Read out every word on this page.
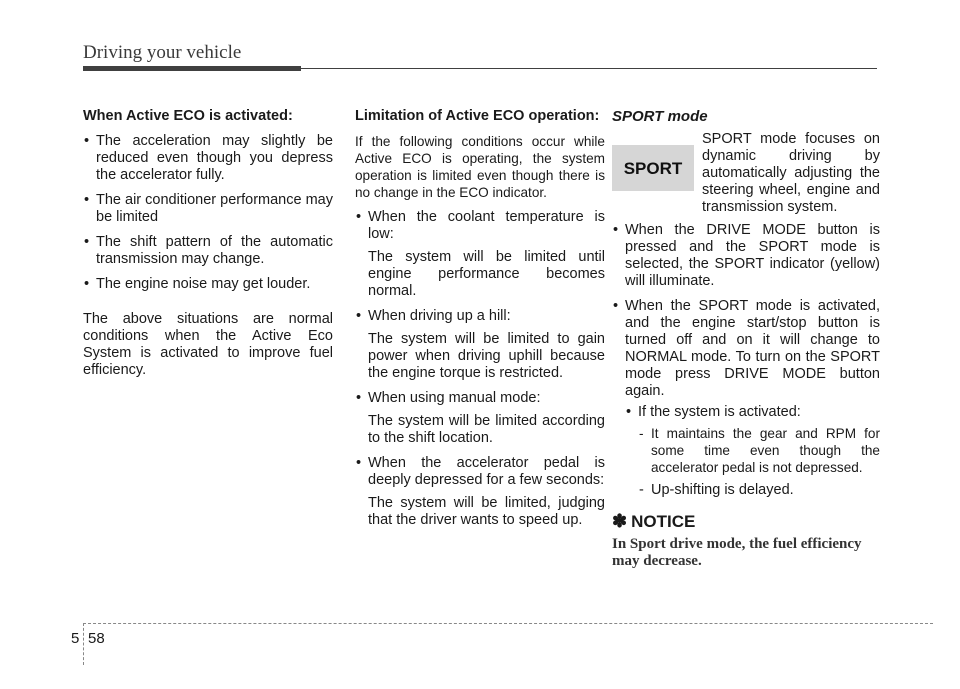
Driving your vehicle
When Active ECO is activated:
• The acceleration may slightly be reduced even though you depress the accelerator fully.
• The air conditioner performance may be limited
• The shift pattern of the automatic transmission may change.
• The engine noise may get louder.

The above situations are normal conditions when the Active Eco System is activated to improve fuel efficiency.

Limitation of Active ECO operation:

If the following conditions occur while Active ECO is operating, the system operation is limited even though there is no change in the ECO indicator.

• When the coolant temperature is low:
The system will be limited until engine performance becomes normal.
• When driving up a hill:
The system will be limited to gain power when driving uphill because the engine torque is restricted.
• When using manual mode:
The system will be limited according to the shift location.
• When the accelerator pedal is deeply depressed for a few seconds:
The system will be limited, judging that the driver wants to speed up.
SPORT mode
SPORT

SPORT mode focuses on dynamic driving by automatically adjusting the steering wheel, engine and transmission system.

• When the DRIVE MODE button is pressed and the SPORT mode is selected, the SPORT indicator (yellow) will illuminate.
• When the SPORT mode is activated, and the engine start/stop button is turned off and on it will change to NORMAL mode. To turn on the SPORT mode press DRIVE MODE button again.
• If the system is activated:
- It maintains the gear and RPM for some time even though the accelerator pedal is not depressed.
- Up-shifting is delayed.
✽ NOTICE
In Sport drive mode, the fuel efficiency may decrease.
5 58
